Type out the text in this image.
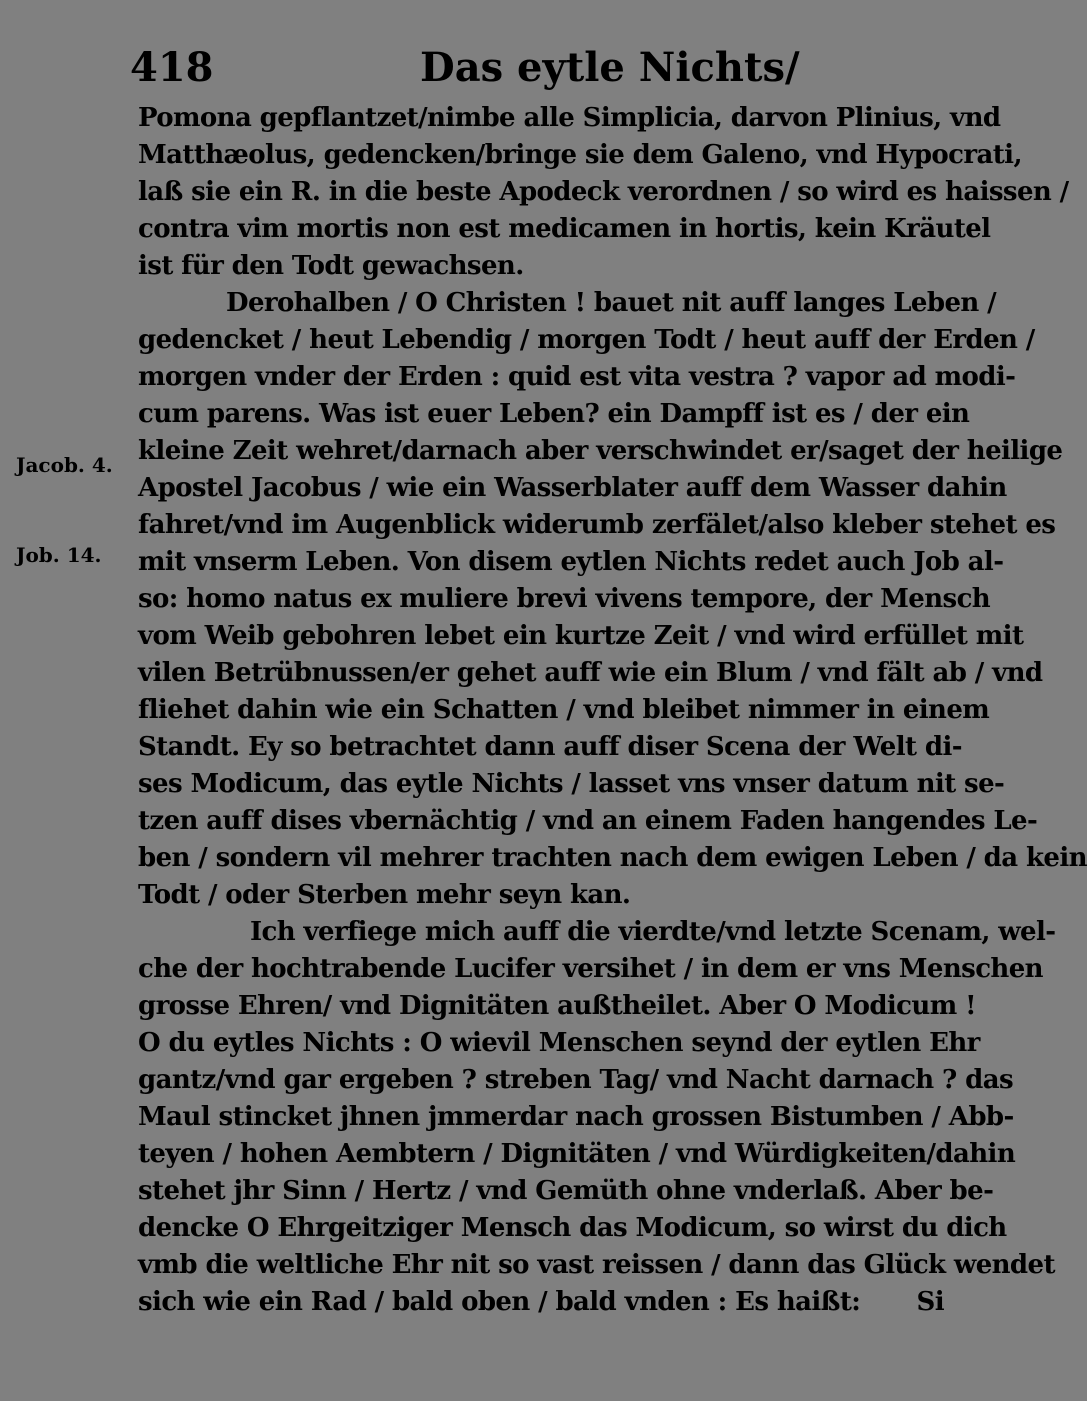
418	Das eytle Nichts/
Jacob. 4.
Job. 14.
Pomona gepflantzet/nimbe alle Simplicia, darvon Plinius, vnd
Matthæolus, gedencken/bringe sie dem Galeno, vnd Hypocrati,
laß sie ein R. in die beste Apodeck verordnen / so wird es haissen /
contra vim mortis non est medicamen in hortis, kein Kräutel
ist für den Todt gewachsen.
Derohalben / O Christen ! bauet nit auff langes Leben /
gedencket / heut Lebendig / morgen Todt / heut auff der Erden /
morgen vnder der Erden : quid est vita vestra ? vapor ad modi-
cum parens. Was ist euer Leben? ein Dampff ist es / der ein
kleine Zeit wehret/darnach aber verschwindet er/saget der heilige
Apostel Jacobus / wie ein Wasserblater auff dem Wasser dahin
fahret/vnd im Augenblick widerumb zerfälet/also kleber stehet es
mit vnserm Leben. Von disem eytlen Nichts redet auch Job al-
so: homo natus ex muliere brevi vivens tempore, der Mensch
vom Weib gebohren lebet ein kurtze Zeit / vnd wird erfüllet mit
vilen Betrübnussen/er gehet auff wie ein Blum / vnd fält ab / vnd
fliehet dahin wie ein Schatten / vnd bleibet nimmer in einem
Standt. Ey so betrachtet dann auff diser Scena der Welt di-
ses Modicum, das eytle Nichts / lasset vns vnser datum nit se-
tzen auff dises vbernächtig / vnd an einem Faden hangendes Le-
ben / sondern vil mehrer trachten nach dem ewigen Leben / da kein
Todt / oder Sterben mehr seyn kan.
Ich verfiege mich auff die vierdte/vnd letzte Scenam, wel-
che der hochtrabende Lucifer versihet / in dem er vns Menschen
grosse Ehren/ vnd Dignitäten außtheilet. Aber O Modicum !
O du eytles Nichts : O wievil Menschen seynd der eytlen Ehr
gantz/vnd gar ergeben ? streben Tag/ vnd Nacht darnach ? das
Maul stincket jhnen jmmerdar nach grossen Bistumben / Abb-
teyen / hohen Aembtern / Dignitäten / vnd Würdigkeiten/dahin
stehet jhr Sinn / Hertz / vnd Gemüth ohne vnderlaß. Aber be-
dencke O Ehrgeitziger Mensch das Modicum, so wirst du dich
vmb die weltliche Ehr nit so vast reissen / dann das Glück wendet
sich wie ein Rad / bald oben / bald vnden : Es haißt: Si
